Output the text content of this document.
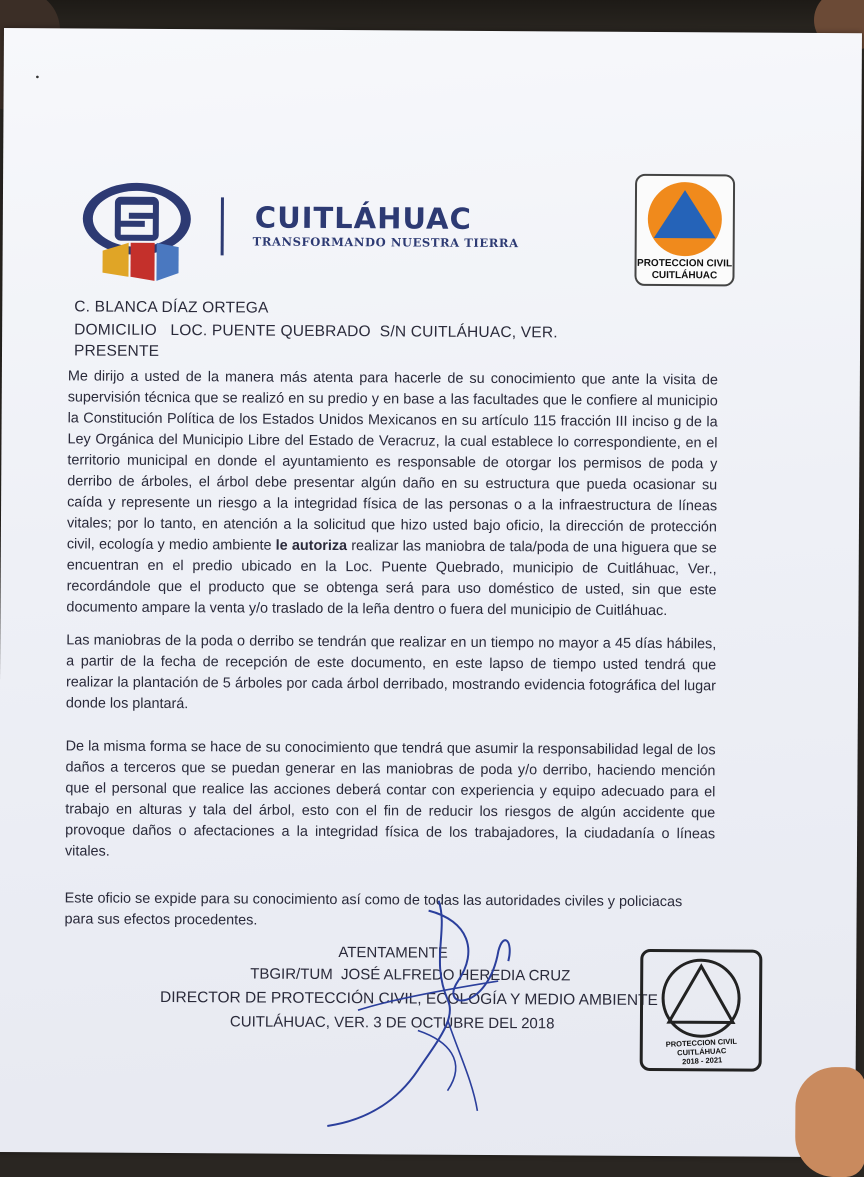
•
CUITLÁHUAC
TRANSFORMANDO NUESTRA TIERRA
PROTECCION CIVIL
CUITLÁHUAC
C. BLANCA DÍAZ ORTEGA
DOMICILIO   LOC. PUENTE QUEBRADO  S/N CUITLÁHUAC, VER.
PRESENTE
Me dirijo a usted de la manera más atenta para hacerle de su conocimiento que ante la visita de supervisión técnica que se realizó en su predio y en base a las facultades que le confiere al municipio la Constitución Política de los Estados Unidos Mexicanos en su artículo 115 fracción III inciso g de la Ley Orgánica del Municipio Libre del Estado de Veracruz, la cual establece lo correspondiente, en el territorio municipal en donde el ayuntamiento es responsable de otorgar los permisos de poda y derribo de árboles, el árbol debe presentar algún daño en su estructura que pueda ocasionar su caída y represente un riesgo a la integridad física de las personas o a la infraestructura de líneas vitales; por lo tanto, en atención a la solicitud que hizo usted bajo oficio, la dirección de protección civil, ecología y medio ambiente le autoriza realizar las maniobra de tala/poda de una higuera que se encuentran en el predio ubicado en la Loc. Puente Quebrado, municipio de Cuitláhuac, Ver., recordándole que el producto que se obtenga será para uso doméstico de usted, sin que este documento ampare la venta y/o traslado de la leña dentro o fuera del municipio de Cuitláhuac.
Las maniobras de la poda o derribo se tendrán que realizar en un tiempo no mayor a 45 días hábiles, a partir de la fecha de recepción de este documento, en este lapso de tiempo usted tendrá que realizar la plantación de 5 árboles por cada árbol derribado, mostrando evidencia fotográfica del lugar donde los plantará.
De la misma forma se hace de su conocimiento que tendrá que asumir la responsabilidad legal de los daños a terceros que se puedan generar en las maniobras de poda y/o derribo, haciendo mención que el personal que realice las acciones deberá contar con experiencia y equipo adecuado para el trabajo en alturas y tala del árbol, esto con el fin de reducir los riesgos de algún accidente que provoque daños o afectaciones a la integridad física de los trabajadores, la ciudadanía o líneas vitales.
Este oficio se expide para su conocimiento así como de todas las autoridades civiles y policiacas para sus efectos procedentes.
ATENTAMENTE
TBGIR/TUM  JOSÉ ALFREDO HEREDIA CRUZ
DIRECTOR DE PROTECCIÓN CIVIL, ECOLOGÍA Y MEDIO AMBIENTE
CUITLÁHUAC, VER. 3 DE OCTUBRE DEL 2018
PROTECCION CIVIL CUITLÁHUAC
2018 - 2021
